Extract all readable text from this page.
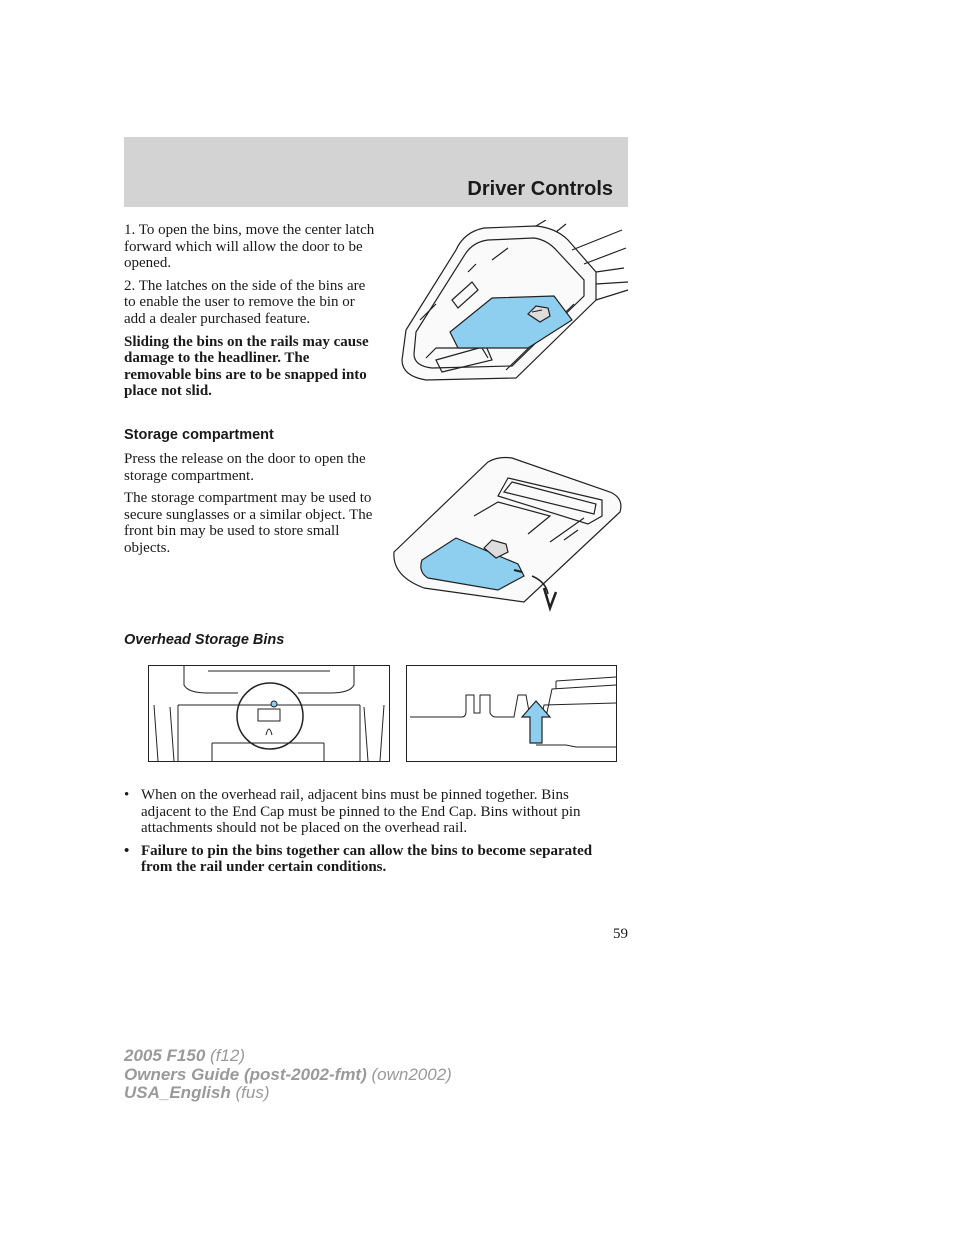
Driver Controls

1. To open the bins, move the center latch forward which will allow the door to be opened.

2. The latches on the side of the bins are to enable the user to remove the bin or add a dealer purchased feature.

Sliding the bins on the rails may cause damage to the headliner. The removable bins are to be snapped into place not slid.

Storage compartment

Press the release on the door to open the storage compartment.

The storage compartment may be used to secure sunglasses or a similar object. The front bin may be used to store small objects.

Overhead Storage Bins
• When on the overhead rail, adjacent bins must be pinned together. Bins adjacent to the End Cap must be pinned to the End Cap. Bins without pin attachments should not be placed on the overhead rail.
• Failure to pin the bins together can allow the bins to become separated from the rail under certain conditions.
59
2005 F150 (f12)
Owners Guide (post-2002-fmt) (own2002)
USA_English (fus)
